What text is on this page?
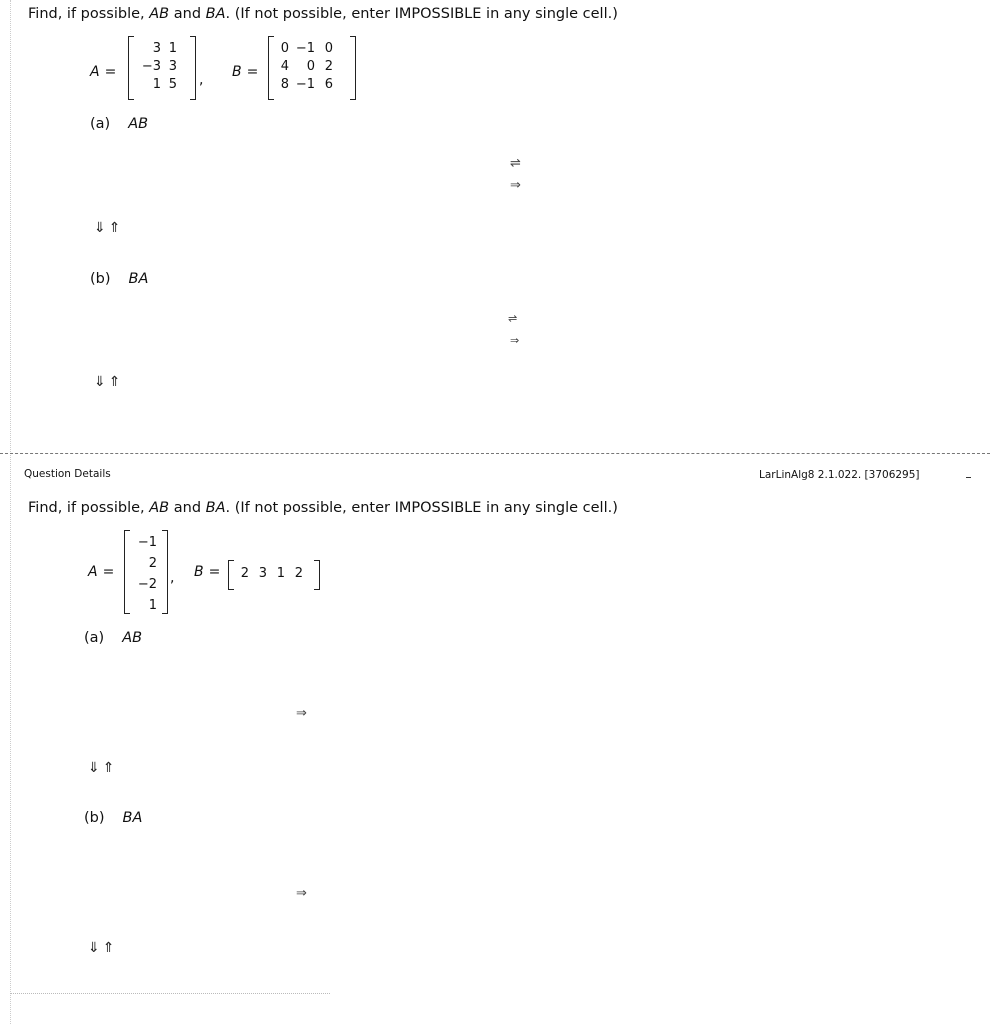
Find, if possible, AB and BA. (If not possible, enter IMPOSSIBLE in any single cell.)
A =
3	1
−3	3
1	5 , B =
0	−1	0
4	0	2
8	−1	6
(a) AB
⇌
⇒
⇓⇑
(b) BA
⇌
⇒
⇓⇑
Question Details	LarLinAlg8 2.1.022. [3706295]
Find, if possible, AB and BA. (If not possible, enter IMPOSSIBLE in any single cell.)
A =
−1
2
−2
1
, B = 2	3	1	2
(a) AB
⇒
⇓⇑
(b) BA
⇒
⇓⇑
